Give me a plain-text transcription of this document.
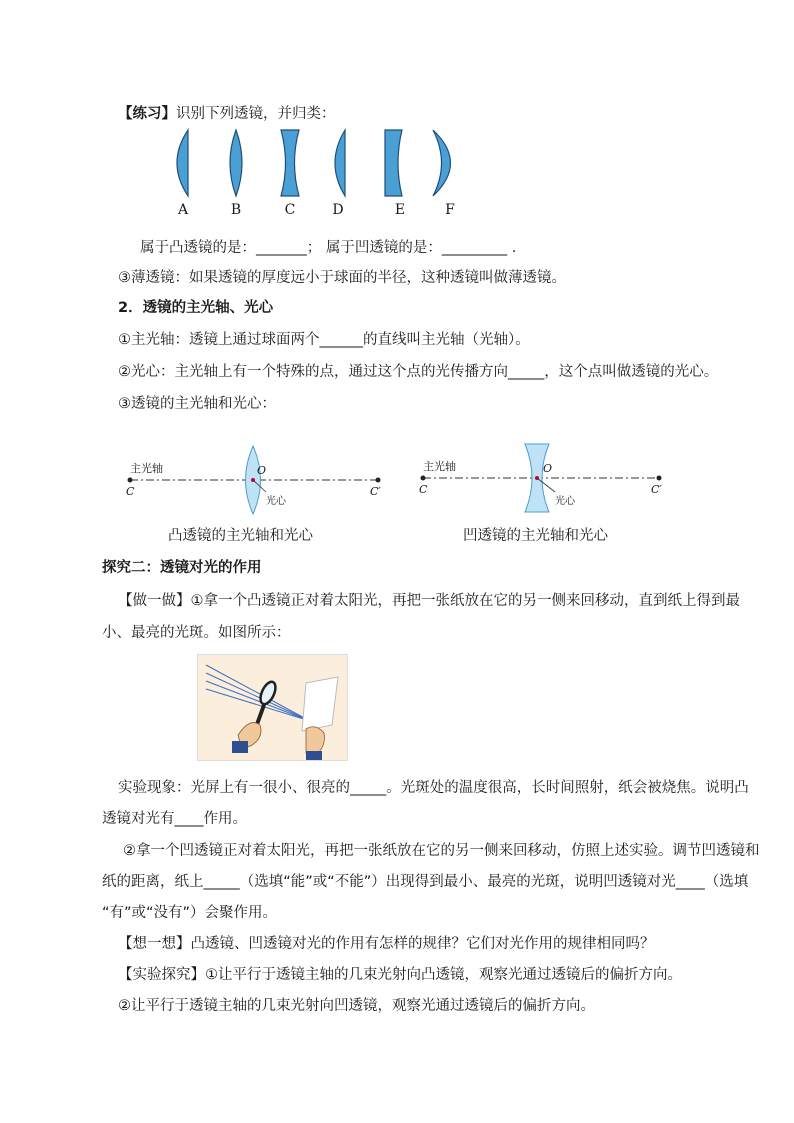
【练习】识别下列透镜，并归类：
A	B	C	D	E	F
属于凸透镜的是：_______； 属于凹透镜的是：_________ .
③薄透镜：如果透镜的厚度远小于球面的半径，这种透镜叫做薄透镜。
2．透镜的主光轴、光心
①主光轴：透镜上通过球面两个______的直线叫主光轴（光轴）。
②光心：主光轴上有一个特殊的点，通过这个点的光传播方向_____，这个点叫做透镜的光心。
③透镜的主光轴和光心：
主光轴
C	C′
O
光心
凸透镜的主光轴和光心
主光轴
C	C′
O
光心
凹透镜的主光轴和光心
探究二：透镜对光的作用
【做一做】①拿一个凸透镜正对着太阳光，再把一张纸放在它的另一侧来回移动，直到纸上得到最
小、最亮的光斑。如图所示：
实验现象：光屏上有一很小、很亮的_____。光斑处的温度很高，长时间照射，纸会被烧焦。说明凸
透镜对光有____作用。
②拿一个凹透镜正对着太阳光，再把一张纸放在它的另一侧来回移动，仿照上述实验。调节凹透镜和
纸的距离，纸上_____（选填“能”或“不能”）出现得到最小、最亮的光斑，说明凹透镜对光____（选填
“有”或“没有”）会聚作用。
【想一想】凸透镜、凹透镜对光的作用有怎样的规律？它们对光作用的规律相同吗？
【实验探究】①让平行于透镜主轴的几束光射向凸透镜，观察光通过透镜后的偏折方向。
②让平行于透镜主轴的几束光射向凹透镜，观察光通过透镜后的偏折方向。
